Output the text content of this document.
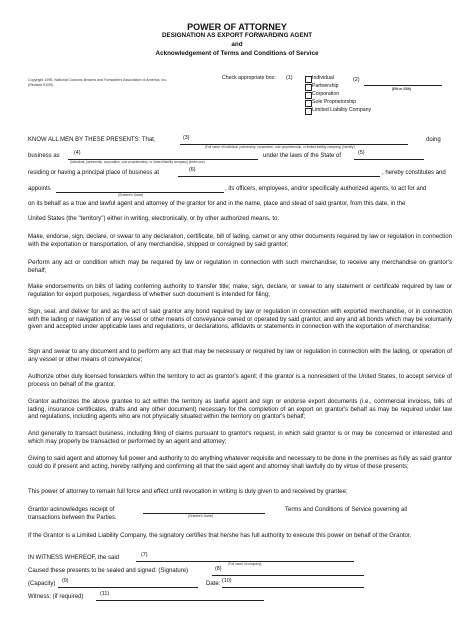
POWER OF ATTORNEY
DESIGNATION AS EXPORT FORWARDING AGENT
and
Acknowledgement of Terms and Conditions of Service
Copyright 1995, National Customs Brokers and Forwarders Association of America, Inc.
(Revised 01/00)
Check appropriate box: (1)	Individual
Partnership
Corporation
Sole Proprietorship
Limited Liability Company
(2)
(EIN or SSN)
KNOW ALL MEN BY THESE PRESENTS: That,	(3)
(Full name of individual, partnership, corporation, sole proprietorship, or limited liability company) (Identify)
doing
business as	(4)
(individual, partnership, corporation, sole proprietorship, or limited liability company) (insert one)
under the laws of the State of	(5)
residing or having a principal place of business at	(6)	, hereby constitutes and
appoints
(Grantee's Name)
, its officers, employees, and/or specifically authorized agents, to act for and
on its behalf as a true and lawful agent and attorney of the grantor for and in the name, place and stead of said grantor, from this date, in the
United States (the "territory") either in writing, electronically, or by other authorized means, to:
Make, endorse, sign, declare, or swear to any declaration, certificate, bill of lading, carnet or any other documents required by law or regulation in connection with the exportation or transportation, of any merchandise, shipped or consigned by said grantor;
Perform any act or condition which may be required by law or regulation in connection with such merchandise; to receive any merchandise on grantor's behalf;
Make endorsements on bills of lading conferring authority to transfer title; make, sign, declare, or swear to any statement or certificate required by law or regulation for export purposes, regardless of whether such document is intended for filing;
Sign, seal, and deliver for and as the act of said grantor any bond required by law or regulation in connection with exported merchandise, or in connection with the lading or navigation of any vessel or other means of conveyance owned or operated by said grantor, and any and all bonds which may be voluntarily given and accepted under applicable laws and regulations, or declarations, affidavits or statements in connection with the exportation of merchandise;
Sign and swear to any document and to perform any act that may be necessary or required by law or regulation in connection with the lading, or operation of any vessel or other means of conveyance;
Authorize other duly licensed forwarders within the territory to act as grantor's agent; if the grantor is a nonresident of the United States, to accept service of process on behalf of the grantor.
Grantor authorizes the above grantee to act within the territory as lawful agent and sign or endorse export documents (i.e., commercial invoices, bills of lading, insurance certificates, drafts and any other document) necessary for the completion of an export on grantor's behalf as may be required under law and regulations, including agents who are not physically situated within the territory on grantor's behalf;
And generally to transact business, including filing of claims pursuant to grantor's request, in which said grantor is or may be concerned or interested and which may properly be transacted or performed by an agent and attorney;
Giving to said agent and attorney full power and authority to do anything whatever requisite and necessary to be done in the premises as fully as said grantor could do if present and acting, hereby ratifying and confirming all that the said agent and attorney shall lawfully do by virtue of these presents;
This power of attorney to remain full force and effect until revocation in writing is duly given to and received by grantee;
Grantor acknowledges receipt of
(Grantee's Name)
Terms and Conditions of Service governing all
transactions between the Parties.
If the Grantor is a Limited Liability Company, the signatory certifies that he/she has full authority to execute this power on behalf of the Grantor.
IN WITNESS WHEREOF, the said	(7)
(Full name of company)
Caused these presents to be sealed and signed: (Signature)	(8)
(Capacity) (9)	Date: (10)
Witness: (if required)	(11)
